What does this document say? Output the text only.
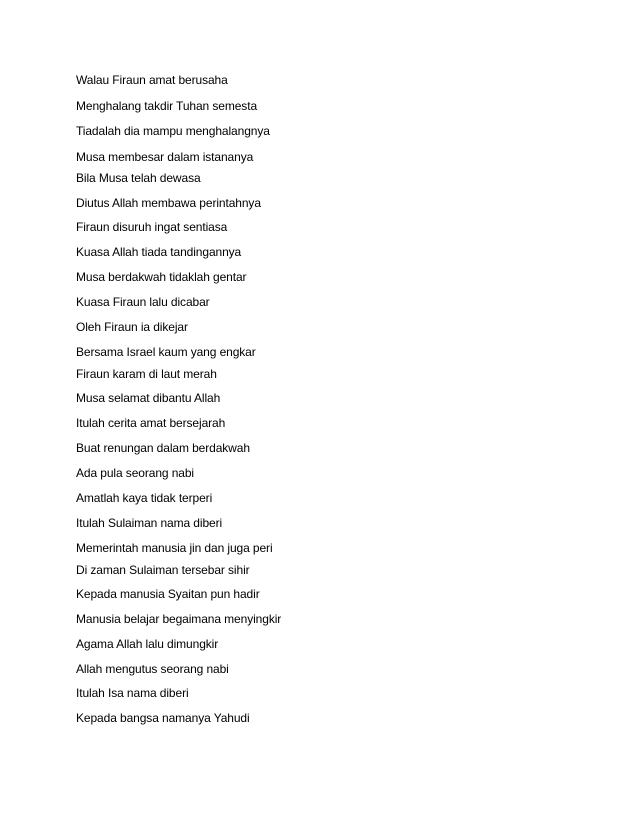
Walau Firaun amat berusaha
Menghalang takdir Tuhan semesta
Tiadalah dia mampu menghalangnya
Musa membesar dalam istananya
Bila Musa telah dewasa
Diutus Allah membawa perintahnya
Firaun disuruh ingat sentiasa
Kuasa Allah tiada tandingannya
Musa berdakwah tidaklah gentar
Kuasa Firaun lalu dicabar
Oleh Firaun ia dikejar
Bersama Israel kaum yang engkar
Firaun karam di laut merah
Musa selamat dibantu Allah
Itulah cerita amat bersejarah
Buat renungan dalam berdakwah
Ada pula seorang nabi
Amatlah kaya tidak terperi
Itulah Sulaiman nama diberi
Memerintah manusia jin dan juga peri
Di zaman Sulaiman tersebar sihir
Kepada manusia Syaitan pun hadir
Manusia belajar begaimana menyingkir
Agama Allah lalu dimungkir
Allah mengutus seorang nabi
Itulah Isa nama diberi
Kepada bangsa namanya Yahudi
